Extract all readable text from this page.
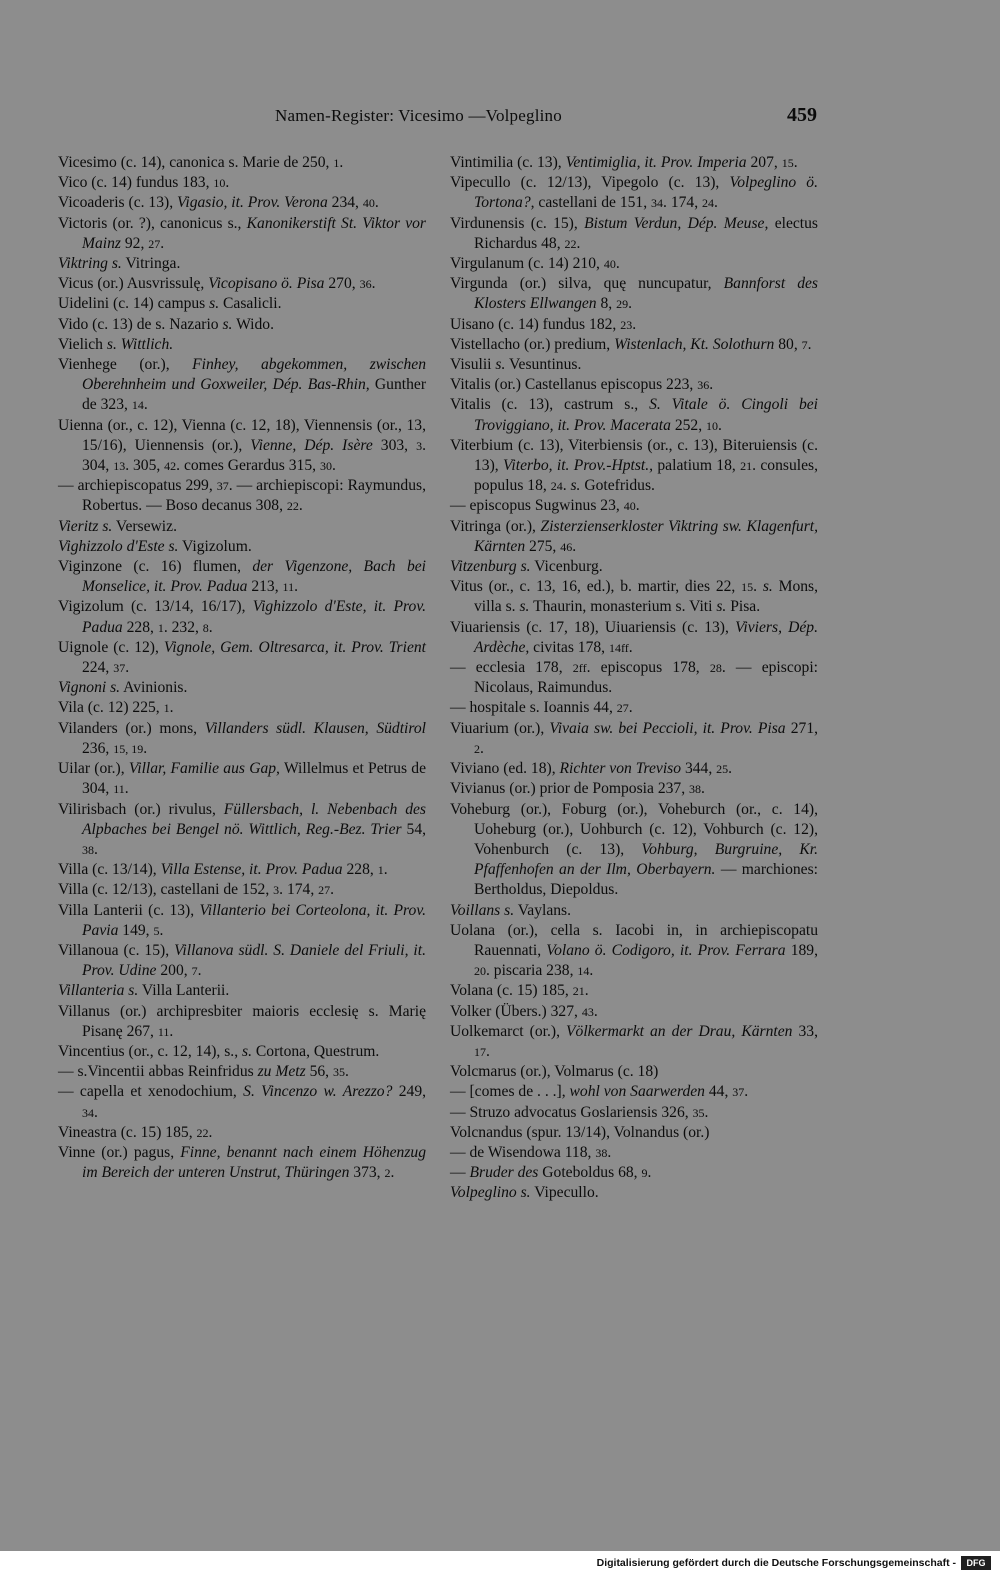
Namen-Register: Vicesimo —Volpeglino	459

Vicesimo (c. 14), canonica s. Marie de 250, 1.

Vico (c. 14) fundus 183, 10.

Vicoaderis (c. 13), Vigasio, it. Prov. Verona 234, 40.

Victoris (or. ?), canonicus s., Kanonikerstift St. Viktor vor Mainz 92, 27.

Viktring s. Vitringa.

Vicus (or.) Ausvrissulę, Vicopisano ö. Pisa 270, 36.

Uidelini (c. 14) campus s. Casalicli.

Vido (c. 13) de s. Nazario s. Wido.

Vielich s. Wittlich.

Vienhege (or.), Finhey, abgekommen, zwischen Oberehnheim und Goxweiler, Dép. Bas-Rhin, Gunther de 323, 14.

Uienna (or., c. 12), Vienna (c. 12, 18), Viennensis (or., 13, 15/16), Uiennensis (or.), Vienne, Dép. Isère 303, 3. 304, 13. 305, 42. comes Gerardus 315, 30.

— archiepiscopatus 299, 37. — archiepiscopi: Raymundus, Robertus. — Boso decanus 308, 22.

Vieritz s. Versewiz.

Vighizzolo d'Este s. Vigizolum.

Viginzone (c. 16) flumen, der Vigenzone, Bach bei Monselice, it. Prov. Padua 213, 11.

Vigizolum (c. 13/14, 16/17), Vighizzolo d'Este, it. Prov. Padua 228, 1. 232, 8.

Uignole (c. 12), Vignole, Gem. Oltresarca, it. Prov. Trient 224, 37.

Vignoni s. Avinionis.

Vila (c. 12) 225, 1.

Vilanders (or.) mons, Villanders südl. Klausen, Südtirol 236, 15, 19.

Uilar (or.), Villar, Familie aus Gap, Willelmus et Petrus de 304, 11.

Vilirisbach (or.) rivulus, Füllersbach, l. Nebenbach des Alpbaches bei Bengel nö. Wittlich, Reg.-Bez. Trier 54, 38.

Villa (c. 13/14), Villa Estense, it. Prov. Padua 228, 1.

Villa (c. 12/13), castellani de 152, 3. 174, 27.

Villa Lanterii (c. 13), Villanterio bei Corteolona, it. Prov. Pavia 149, 5.

Villanoua (c. 15), Villanova südl. S. Daniele del Friuli, it. Prov. Udine 200, 7.

Villanteria s. Villa Lanterii.

Villanus (or.) archipresbiter maioris ecclesię s. Marię Pisanę 267, 11.

Vincentius (or., c. 12, 14), s., s. Cortona, Questrum.

— s.Vincentii abbas Reinfridus zu Metz 56, 35.

— capella et xenodochium, S. Vincenzo w. Arezzo? 249, 34.

Vineastra (c. 15) 185, 22.

Vinne (or.) pagus, Finne, benannt nach einem Höhenzug im Bereich der unteren Unstrut, Thüringen 373, 2.

Vintimilia (c. 13), Ventimiglia, it. Prov. Imperia 207, 15.

Vipecullo (c. 12/13), Vipegolo (c. 13), Volpeglino ö. Tortona?, castellani de 151, 34. 174, 24.

Virdunensis (c. 15), Bistum Verdun, Dép. Meuse, electus Richardus 48, 22.

Virgulanum (c. 14) 210, 40.

Virgunda (or.) silva, quę nuncupatur, Bannforst des Klosters Ellwangen 8, 29.

Uisano (c. 14) fundus 182, 23.

Vistellacho (or.) predium, Wistenlach, Kt. Solothurn 80, 7.

Visulii s. Vesuntinus.

Vitalis (or.) Castellanus episcopus 223, 36.

Vitalis (c. 13), castrum s., S. Vitale ö. Cingoli bei Troviggiano, it. Prov. Macerata 252, 10.

Viterbium (c. 13), Viterbiensis (or., c. 13), Biteruiensis (c. 13), Viterbo, it. Prov.-Hptst., palatium 18, 21. consules, populus 18, 24. s. Gotefridus.

— episcopus Sugwinus 23, 40.

Vitringa (or.), Zisterzienserkloster Viktring sw. Klagenfurt, Kärnten 275, 46.

Vitzenburg s. Vicenburg.

Vitus (or., c. 13, 16, ed.), b. martir, dies 22, 15. s. Mons, villa s. s. Thaurin, monasterium s. Viti s. Pisa.

Viuariensis (c. 17, 18), Uiuariensis (c. 13), Viviers, Dép. Ardèche, civitas 178, 14ff.

— ecclesia 178, 2ff. episcopus 178, 28. — episcopi: Nicolaus, Raimundus.

— hospitale s. Ioannis 44, 27.

Viuarium (or.), Vivaia sw. bei Peccioli, it. Prov. Pisa 271, 2.

Viviano (ed. 18), Richter von Treviso 344, 25.

Vivianus (or.) prior de Pomposia 237, 38.

Voheburg (or.), Foburg (or.), Voheburch (or., c. 14), Uoheburg (or.), Uohburch (c. 12), Vohburch (c. 12), Vohenburch (c. 13), Vohburg, Burgruine, Kr. Pfaffenhofen an der Ilm, Oberbayern. — marchiones: Bertholdus, Diepoldus.

Voillans s. Vaylans.

Uolana (or.), cella s. Iacobi in, in archiepiscopatu Rauennati, Volano ö. Codigoro, it. Prov. Ferrara 189, 20. piscaria 238, 14.

Volana (c. 15) 185, 21.

Volker (Übers.) 327, 43.

Uolkemarct (or.), Völkermarkt an der Drau, Kärnten 33, 17.

Volcmarus (or.), Volmarus (c. 18)

— [comes de . . .], wohl von Saarwerden 44, 37.

— Struzo advocatus Goslariensis 326, 35.

Volcnandus (spur. 13/14), Volnandus (or.)

— de Wisendowa 118, 38.

— Bruder des Goteboldus 68, 9.

Volpeglino s. Vipecullo.

Digitalisierung gefördert durch die Deutsche Forschungsgemeinschaft -	DFG
